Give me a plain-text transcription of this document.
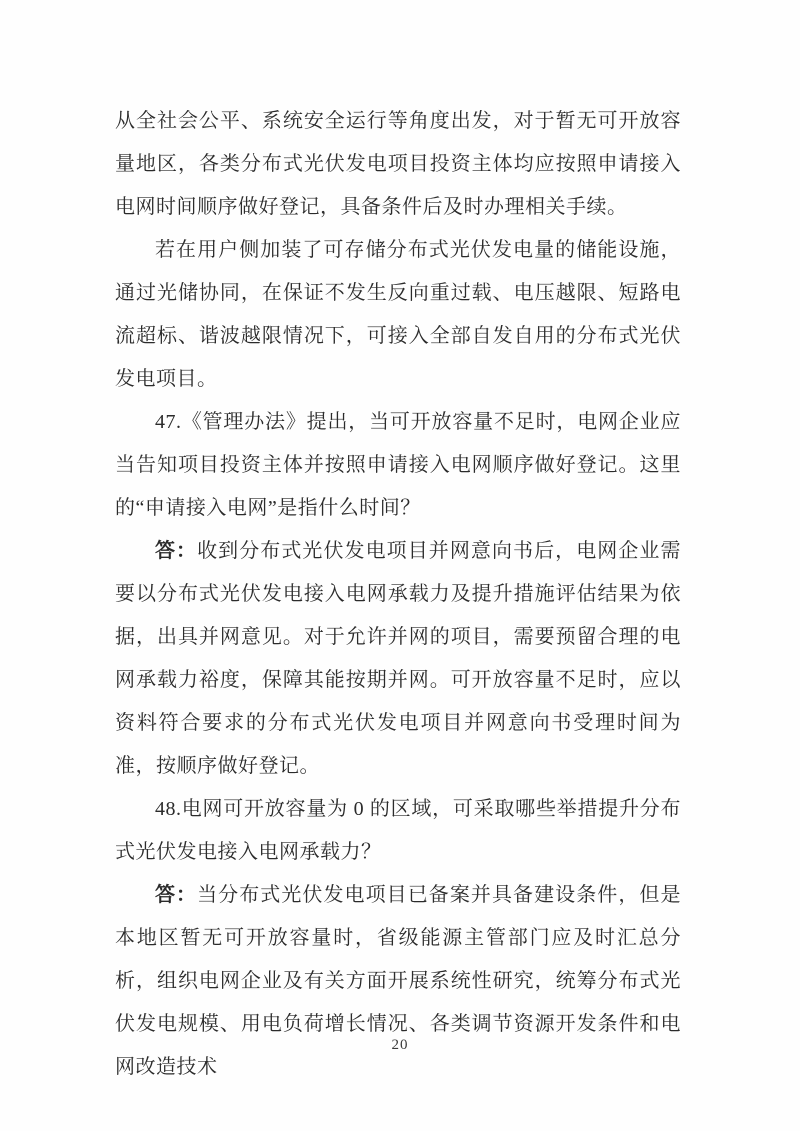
从全社会公平、系统安全运行等角度出发，对于暂无可开放容量地区，各类分布式光伏发电项目投资主体均应按照申请接入电网时间顺序做好登记，具备条件后及时办理相关手续。

若在用户侧加装了可存储分布式光伏发电量的储能设施，通过光储协同，在保证不发生反向重过载、电压越限、短路电流超标、谐波越限情况下，可接入全部自发自用的分布式光伏发电项目。

47.《管理办法》提出，当可开放容量不足时，电网企业应当告知项目投资主体并按照申请接入电网顺序做好登记。这里的“申请接入电网”是指什么时间？

答：收到分布式光伏发电项目并网意向书后，电网企业需要以分布式光伏发电接入电网承载力及提升措施评估结果为依据，出具并网意见。对于允许并网的项目，需要预留合理的电网承载力裕度，保障其能按期并网。可开放容量不足时，应以资料符合要求的分布式光伏发电项目并网意向书受理时间为准，按顺序做好登记。

48.电网可开放容量为 0 的区域，可采取哪些举措提升分布式光伏发电接入电网承载力？

答：当分布式光伏发电项目已备案并具备建设条件，但是本地区暂无可开放容量时，省级能源主管部门应及时汇总分析，组织电网企业及有关方面开展系统性研究，统筹分布式光伏发电规模、用电负荷增长情况、各类调节资源开发条件和电网改造技术

20
